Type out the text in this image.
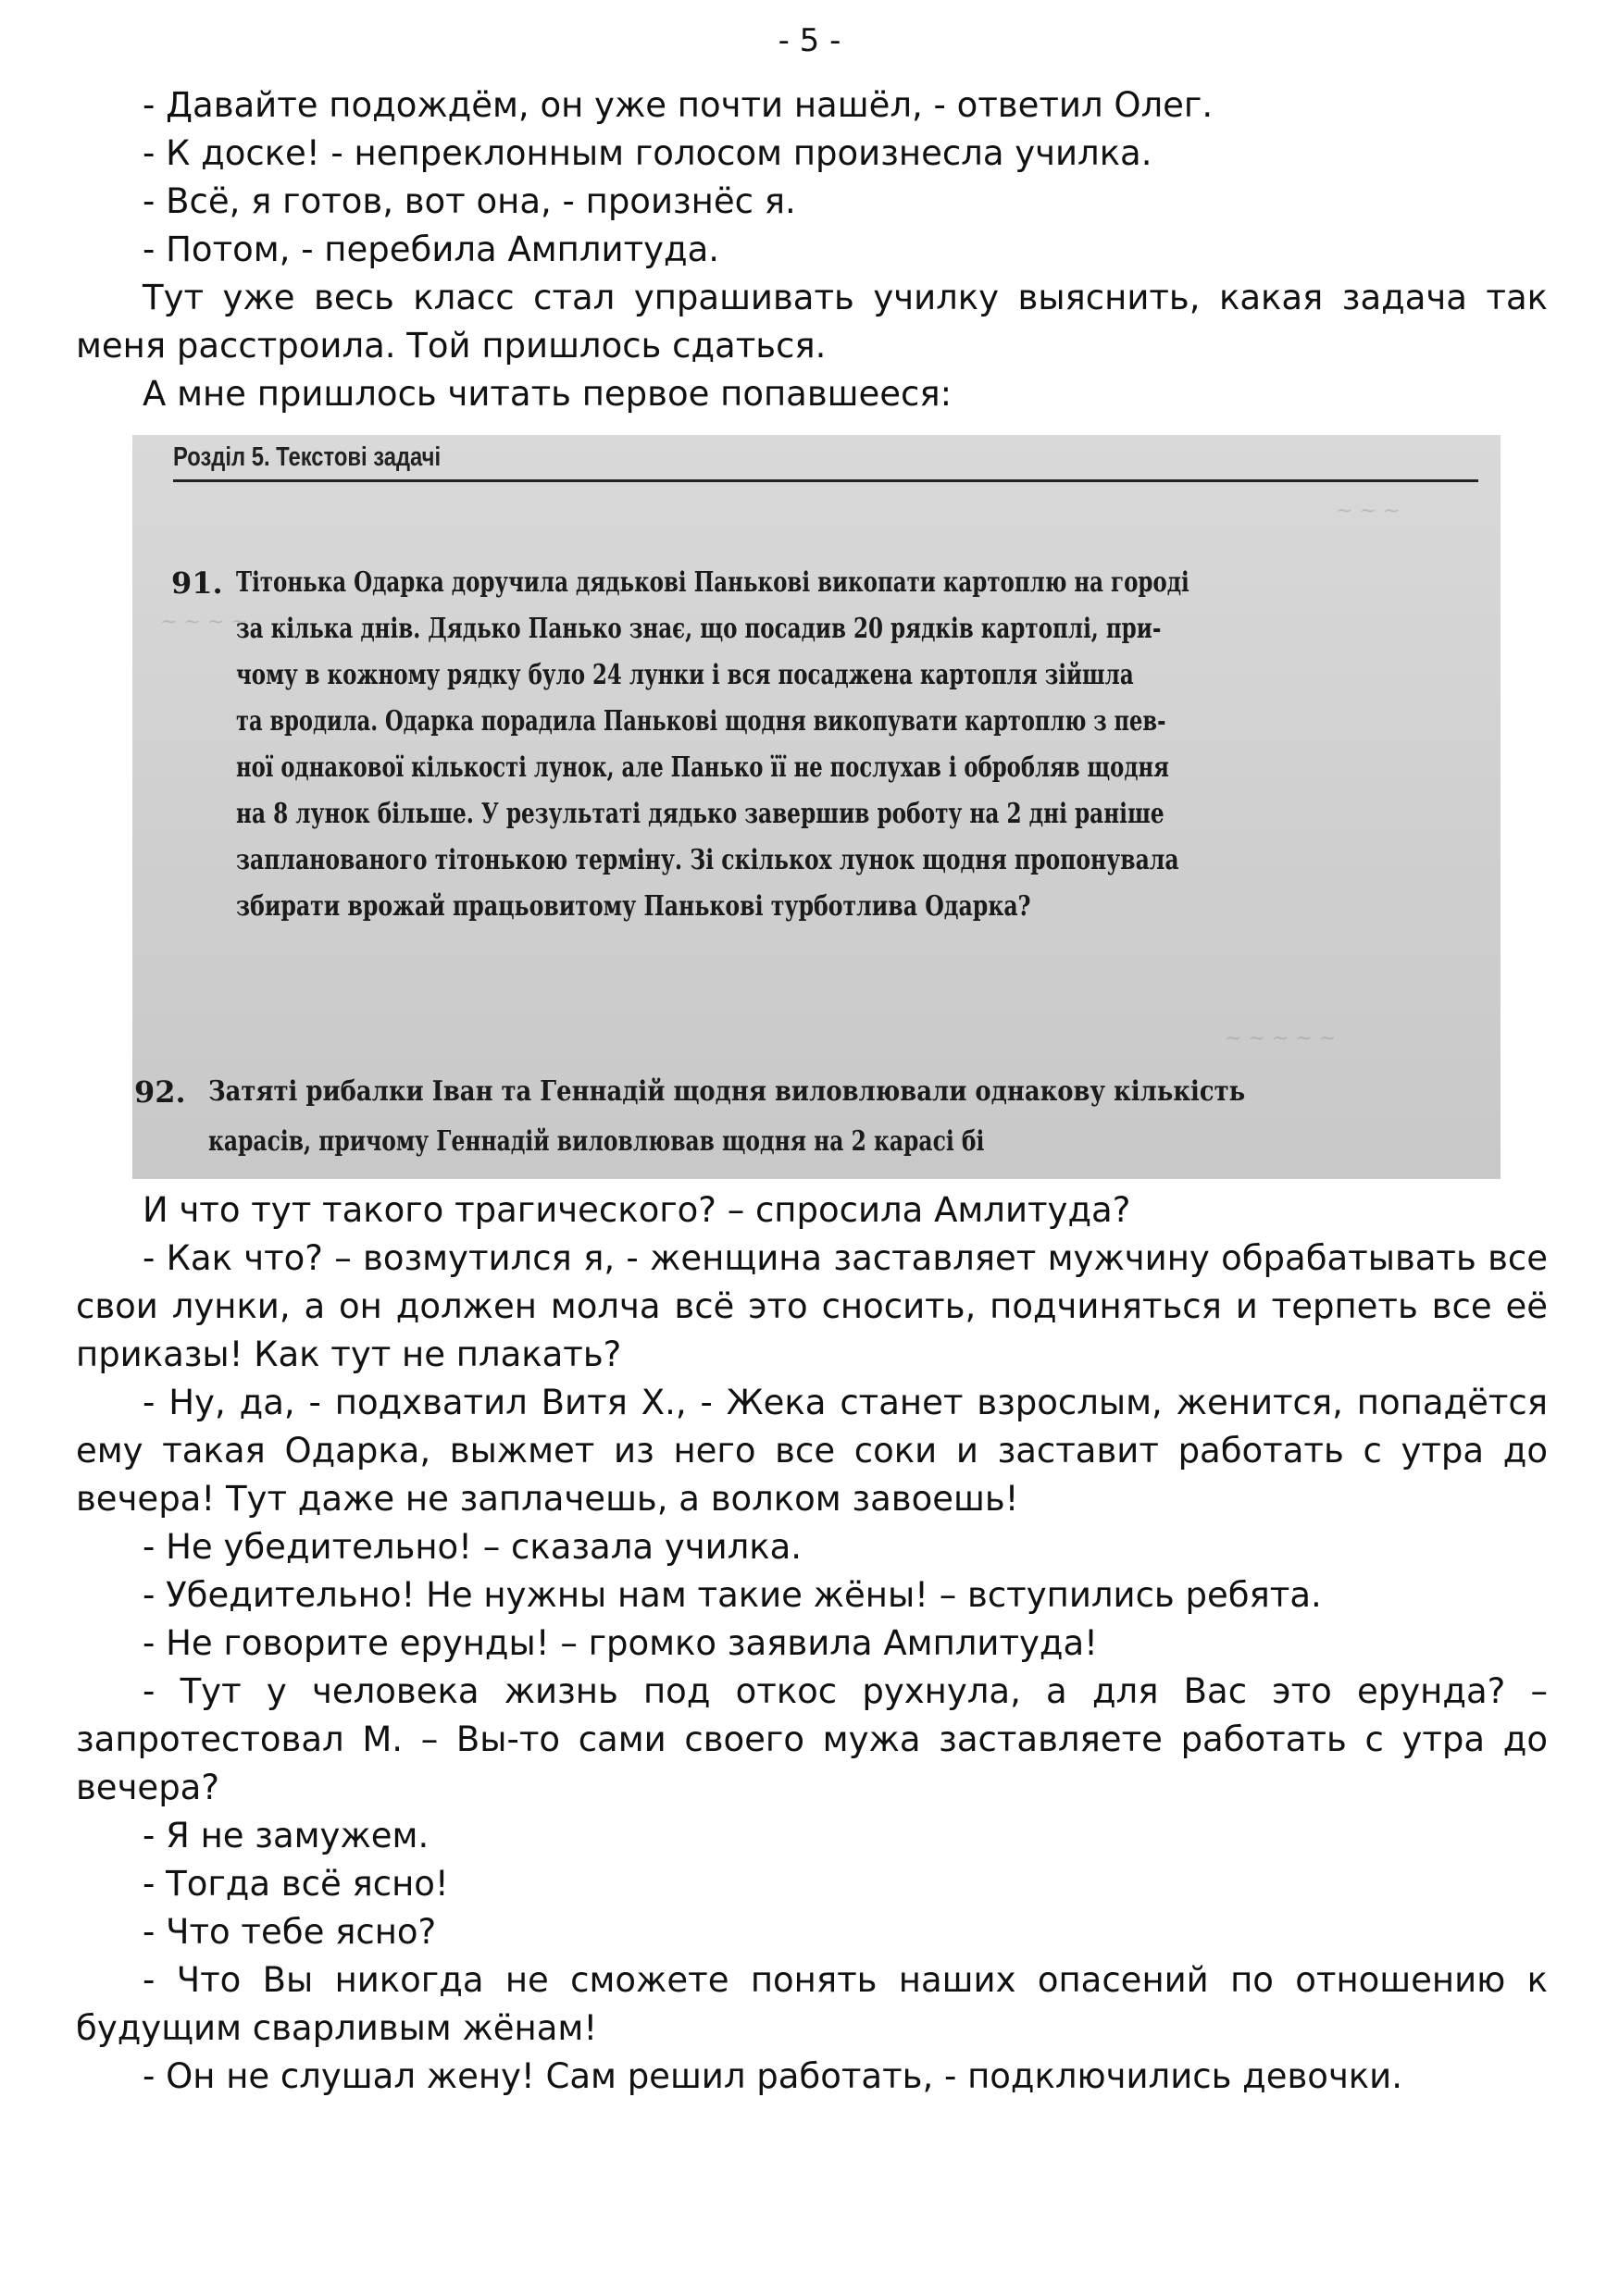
- 5 -

- Давайте подождём, он уже почти нашёл, - ответил Олег.

- К доске! - непреклонным голосом произнесла училка.

- Всё, я готов, вот она, - произнёс я.

- Потом, - перебила Амплитуда.

Тут уже весь класс стал упрашивать училку выяснить, какая задача так меня расстроила. Той пришлось сдаться.

А мне пришлось читать первое попавшееся:

~ ~ ~
~ ~ ~ ~
~ ~ ~ ~ ~
Розділ 5. Текстові задачі
91. Тітонька Одарка доручила дядькові Панькові викопати картоплю на городі
за кілька днів. Дядько Панько знає, що посадив 20 рядків картоплі, при-
чому в кожному рядку було 24 лунки і вся посаджена картопля зійшла
та вродила. Одарка порадила Панькові щодня викопувати картоплю з пев-
ної однакової кількості лунок, але Панько її не послухав і обробляв щодня
на 8 лунок більше. У результаті дядько завершив роботу на 2 дні раніше
запланованого тітонькою терміну. Зі скількох лунок щодня пропонувала
збирати врожай працьовитому Панькові турботлива Одарка?
92. Затяті рибалки Іван та Геннадій щодня виловлювали однакову кількість
карасів, причому Геннадій виловлював щодня на 2 карасі бі

И что тут такого трагического? – спросила Амлитуда?

- Как что? – возмутился я, - женщина заставляет мужчину обрабатывать все свои лунки, а он должен молча всё это сносить, подчиняться и терпеть все её приказы! Как тут не плакать?

- Ну, да, - подхватил Витя Х., - Жека станет взрослым, женится, попадётся ему такая Одарка, выжмет из него все соки и заставит работать с утра до вечера! Тут даже не заплачешь, а волком завоешь!

- Не убедительно! – сказала училка.

- Убедительно! Не нужны нам такие жёны! – вступились ребята.

- Не говорите ерунды! – громко заявила Амплитуда!

- Тут у человека жизнь под откос рухнула, а для Вас это ерунда? – запротестовал М. – Вы-то сами своего мужа заставляете работать с утра до вечера?

- Я не замужем.

- Тогда всё ясно!

- Что тебе ясно?

- Что Вы никогда не сможете понять наших опасений по отношению к будущим сварливым жёнам!

- Он не слушал жену! Сам решил работать, - подключились девочки.
